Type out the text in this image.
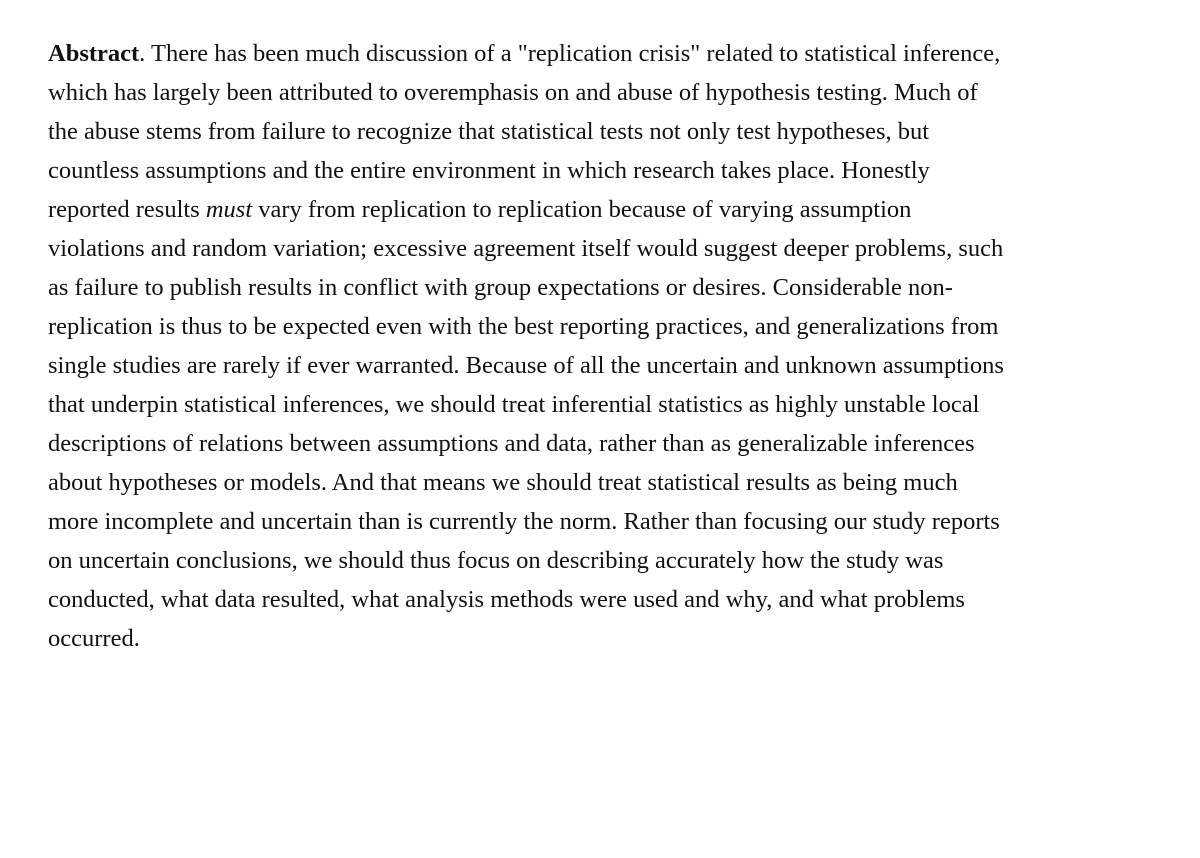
Abstract. There has been much discussion of a "replication crisis" related to statistical inference,
which has largely been attributed to overemphasis on and abuse of hypothesis testing. Much of
the abuse stems from failure to recognize that statistical tests not only test hypotheses, but
countless assumptions and the entire environment in which research takes place. Honestly
reported results must vary from replication to replication because of varying assumption
violations and random variation; excessive agreement itself would suggest deeper problems, such
as failure to publish results in conflict with group expectations or desires. Considerable non-
replication is thus to be expected even with the best reporting practices, and generalizations from
single studies are rarely if ever warranted. Because of all the uncertain and unknown assumptions
that underpin statistical inferences, we should treat inferential statistics as highly unstable local
descriptions of relations between assumptions and data, rather than as generalizable inferences
about hypotheses or models. And that means we should treat statistical results as being much
more incomplete and uncertain than is currently the norm. Rather than focusing our study reports
on uncertain conclusions, we should thus focus on describing accurately how the study was
conducted, what data resulted, what analysis methods were used and why, and what problems
occurred.
